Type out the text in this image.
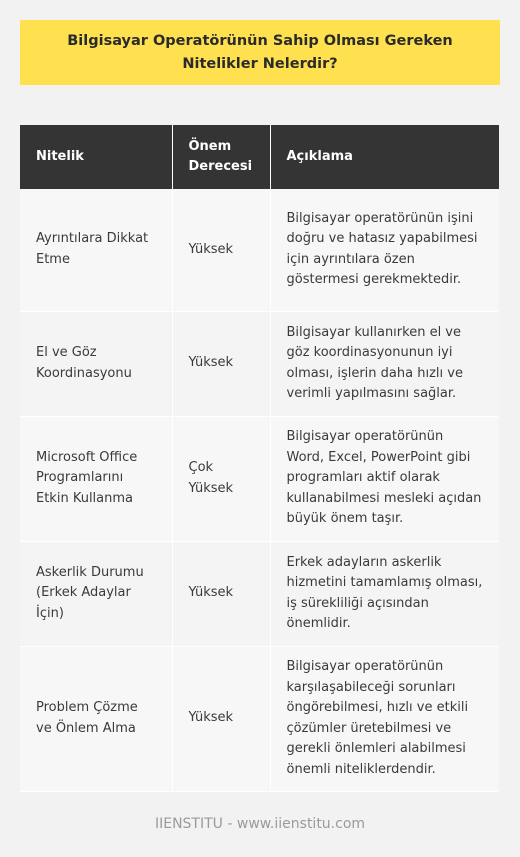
Bilgisayar Operatörünün Sahip Olması Gereken Nitelikler Nelerdir?
Nitelik	Önem Derecesi	Açıklama
Ayrıntılara Dikkat Etme	Yüksek	Bilgisayar operatörünün işini doğru ve hatasız yapabilmesi için ayrıntılara özen göstermesi gerekmektedir.
El ve Göz Koordinasyonu	Yüksek	Bilgisayar kullanırken el ve göz koordinasyonunun iyi olması, işlerin daha hızlı ve verimli yapılmasını sağlar.
Microsoft Office Programlarını Etkin Kullanma	Çok Yüksek	Bilgisayar operatörünün Word, Excel, PowerPoint gibi programları aktif olarak kullanabilmesi mesleki açıdan büyük önem taşır.
Askerlik Durumu (Erkek Adaylar İçin)	Yüksek	Erkek adayların askerlik hizmetini tamamlamış olması, iş sürekliliği açısından önemlidir.
Problem Çözme ve Önlem Alma	Yüksek	Bilgisayar operatörünün karşılaşabileceği sorunları öngörebilmesi, hızlı ve etkili çözümler üretebilmesi ve gerekli önlemleri alabilmesi önemli niteliklerdendir.
IIENSTITU - www.iienstitu.com
